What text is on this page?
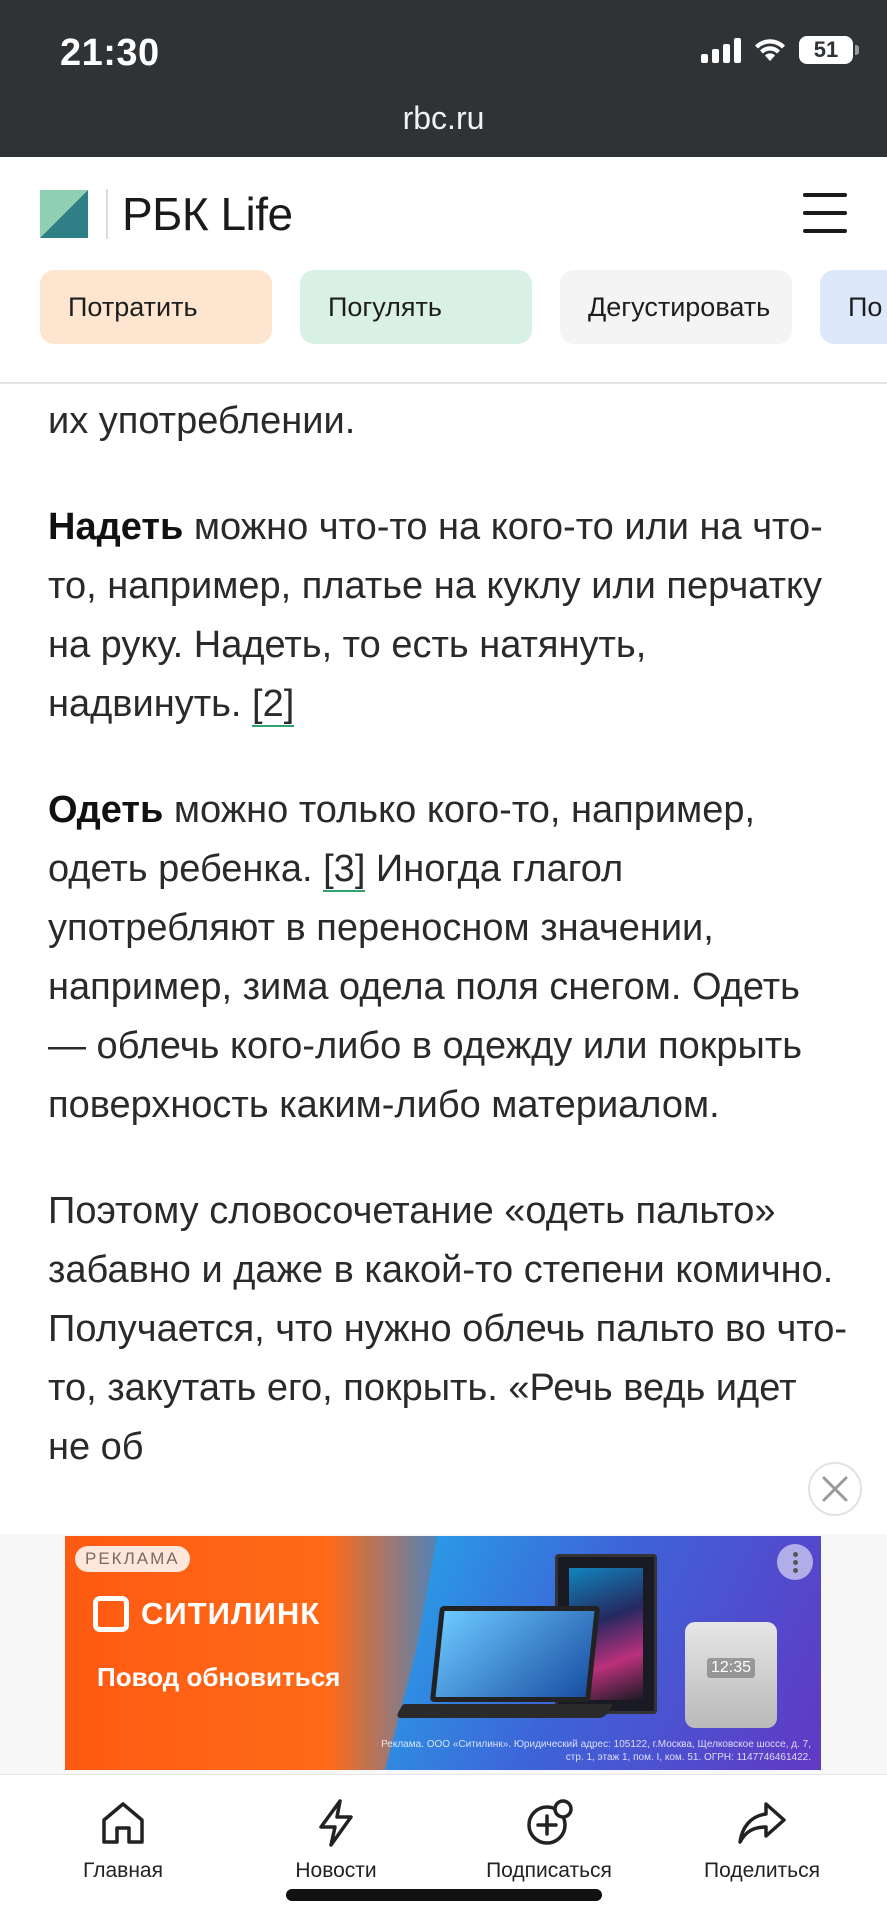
21:30	51
rbc.ru
РБК Life
Потратить	Погулять	Дегустировать	По

их употреблении.

Надеть можно что-то на кого-то или на что-то, например, платье на куклу или перчатку на руку. Надеть, то есть натянуть, надвинуть. [2]

Одеть можно только кого-то, например, одеть ребенка. [3] Иногда глагол употребляют в переносном значении, например, зима одела поля снегом. Одеть — облечь кого-либо в одежду или покрыть поверхность каким-либо материалом.

Поэтому словосочетание «одеть пальто» забавно и даже в какой-то степени комично. Получается, что нужно облечь пальто во что-то, закутать его, покрыть. «Речь ведь идет не об

12:35
РЕКЛАМА
СИТИЛИНК
Повод обновиться
Реклама. ООО «Ситилинк». Юридический адрес: 105122, г.Москва, Щелковское шоссе, д. 7, стр. 1, этаж 1, пом. I, ком. 51. ОГРН: 1147746461422.
Главная	Новости	Подписаться	Поделиться
